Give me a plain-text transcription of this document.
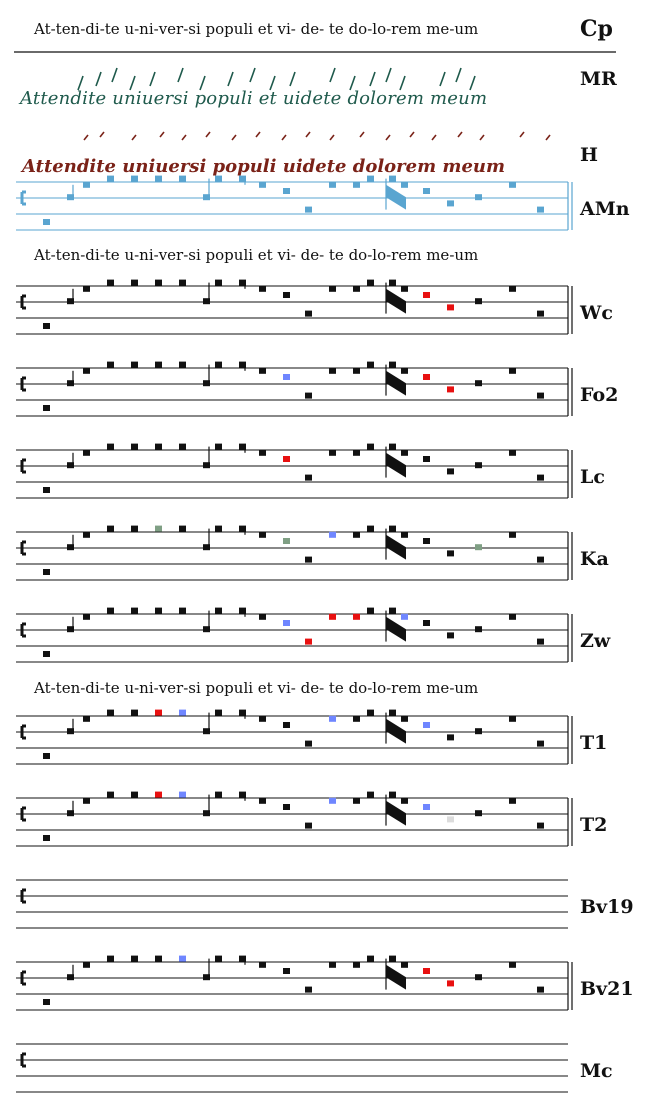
At-ten-di-te u-ni-ver-si populi et vi- de- te do-lo-rem me-um	Cp
MR
H
AMn
Attendite uniuersi populi et uidete dolorem meum
Attendite uniuersi populi uidete dolorem meum
At-ten-di-te u-ni-ver-si populi et vi- de- te do-lo-rem me-um
At-ten-di-te u-ni-ver-si populi et vi- de- te do-lo-rem me-um
Wc
Fo2
Lc
Ka
Zw
T1
T2
Bv19
Bv21
Mc
